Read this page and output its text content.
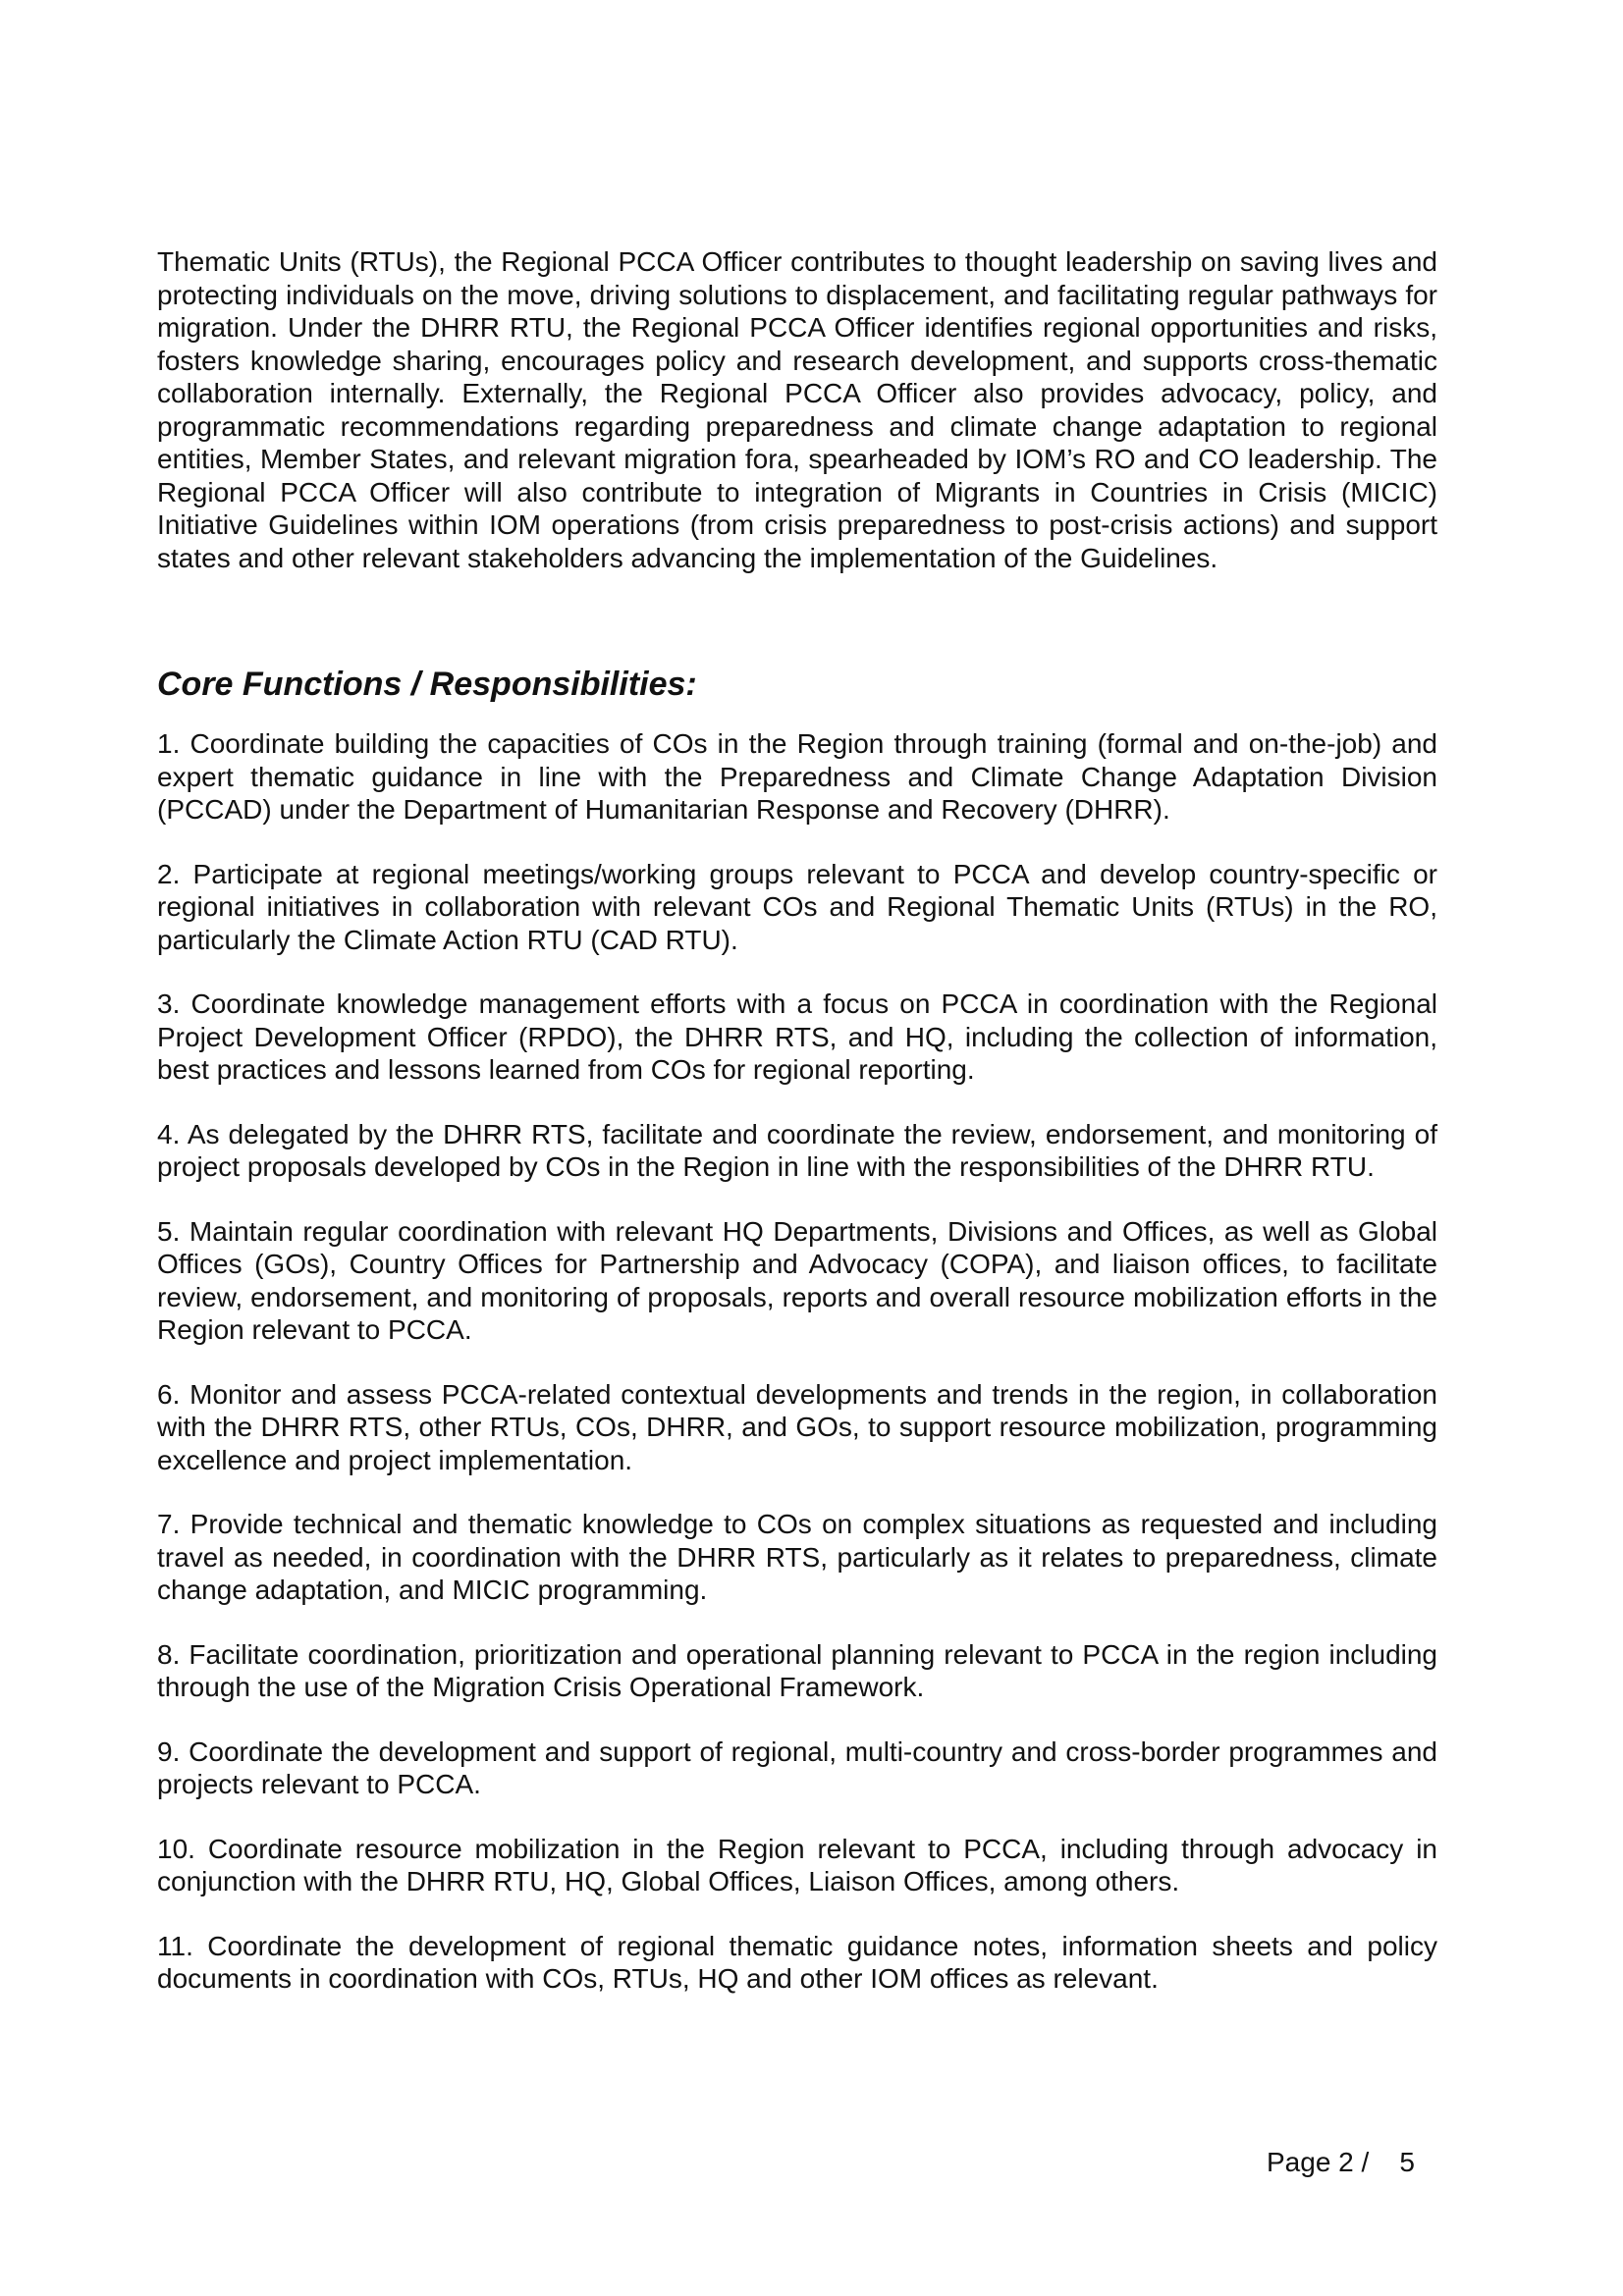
Thematic Units (RTUs), the Regional PCCA Officer contributes to thought leadership on saving lives and protecting individuals on the move, driving solutions to displacement, and facilitating regular pathways for migration. Under the DHRR RTU, the Regional PCCA Officer identifies regional opportunities and risks, fosters knowledge sharing, encourages policy and research development, and supports cross-thematic collaboration internally. Externally, the Regional PCCA Officer also provides advocacy, policy, and programmatic recommendations regarding preparedness and climate change adaptation to regional entities, Member States, and relevant migration fora, spearheaded by IOM’s RO and CO leadership. The Regional PCCA Officer will also contribute to integration of Migrants in Countries in Crisis (MICIC) Initiative Guidelines within IOM operations (from crisis preparedness to post-crisis actions) and support states and other relevant stakeholders advancing the implementation of the Guidelines.

Core Functions / Responsibilities:
1. Coordinate building the capacities of COs in the Region through training (formal and on-the-job) and expert thematic guidance in line with the Preparedness and Climate Change Adaptation Division (PCCAD) under the Department of Humanitarian Response and Recovery (DHRR).
2. Participate at regional meetings/working groups relevant to PCCA and develop country-specific or regional initiatives in collaboration with relevant COs and Regional Thematic Units (RTUs) in the RO, particularly the Climate Action RTU (CAD RTU).
3. Coordinate knowledge management efforts with a focus on PCCA in coordination with the Regional Project Development Officer (RPDO), the DHRR RTS, and HQ, including the collection of information, best practices and lessons learned from COs for regional reporting.
4. As delegated by the DHRR RTS, facilitate and coordinate the review, endorsement, and monitoring of project proposals developed by COs in the Region in line with the responsibilities of the DHRR RTU.
5. Maintain regular coordination with relevant HQ Departments, Divisions and Offices, as well as Global Offices (GOs), Country Offices for Partnership and Advocacy (COPA), and liaison offices, to facilitate review, endorsement, and monitoring of proposals, reports and overall resource mobilization efforts in the Region relevant to PCCA.
6. Monitor and assess PCCA-related contextual developments and trends in the region, in collaboration with the DHRR RTS, other RTUs, COs, DHRR, and GOs, to support resource mobilization, programming excellence and project implementation.
7. Provide technical and thematic knowledge to COs on complex situations as requested and including travel as needed, in coordination with the DHRR RTS, particularly as it relates to preparedness, climate change adaptation, and MICIC programming.
8. Facilitate coordination, prioritization and operational planning relevant to PCCA in the region including through the use of the Migration Crisis Operational Framework.
9. Coordinate the development and support of regional, multi-country and cross-border programmes and projects relevant to PCCA.
10. Coordinate resource mobilization in the Region relevant to PCCA, including through advocacy in conjunction with the DHRR RTU, HQ, Global Offices, Liaison Offices, among others.
11. Coordinate the development of regional thematic guidance notes, information sheets and policy documents in coordination with COs, RTUs, HQ and other IOM offices as relevant.
Page 2 /    5
